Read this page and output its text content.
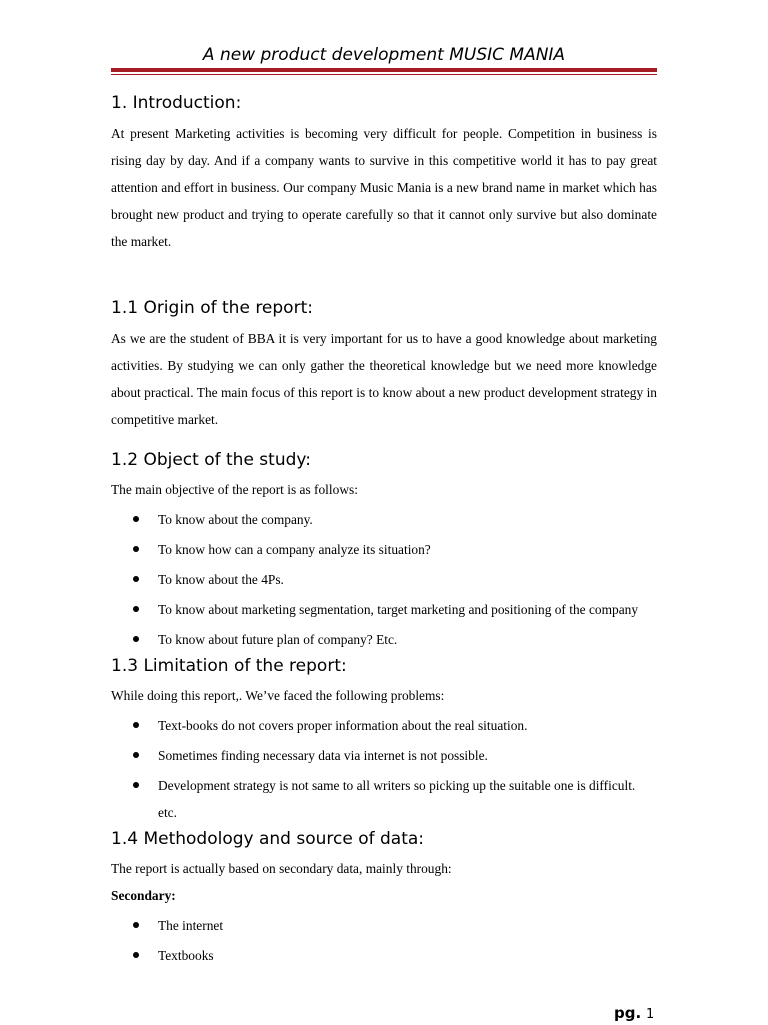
A new product development MUSIC MANIA
1. Introduction:

At present Marketing activities is becoming very difficult for people. Competition in business is rising day by day. And if a company wants to survive in this competitive world it has to pay great attention and effort in business. Our company Music Mania is a new brand name in market which has brought new product and trying to operate carefully so that it cannot only survive but also dominate the market.

1.1 Origin of the report:

As we are the student of BBA it is very important for us to have a good knowledge about marketing activities. By studying we can only gather the theoretical knowledge but we need more knowledge about practical. The main focus of this report is to know about a new product development strategy in competitive market.

1.2 Object of the study:

The main objective of the report is as follows:

To know about the company.
To know how can a company analyze its situation?
To know about the 4Ps.
To know about marketing segmentation, target marketing and positioning of the company
To know about future plan of company? Etc.
1.3 Limitation of the report:

While doing this report,. We’ve faced the following problems:

Text-books do not covers proper information about the real situation.
Sometimes finding necessary data via internet is not possible.
Development strategy is not same to all writers so picking up the suitable one is difficult. etc.
1.4 Methodology and source of data:

The report is actually based on secondary data, mainly through:

Secondary:

The internet
Textbooks
pg. 1
